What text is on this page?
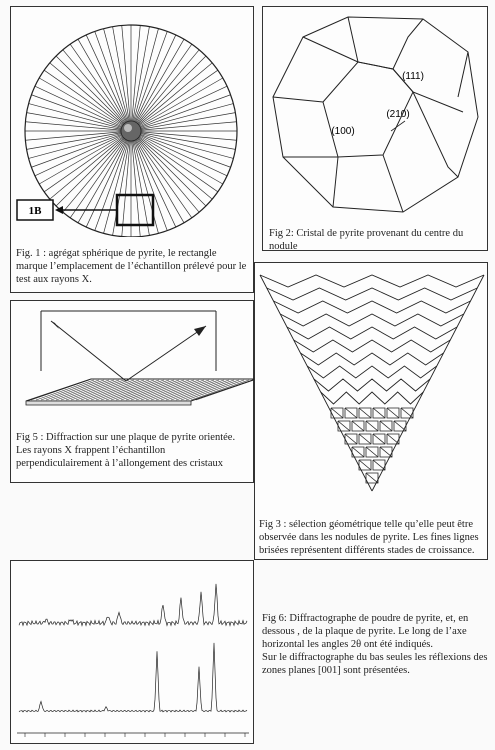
1B
Fig. 1 : agrégat sphérique de pyrite, le rectangle marque l’emplacement de l’échantillon prélevé pour le test aux rayons X.
(111)
(100)
(210)
Fig 2: Cristal de pyrite provenant du centre du nodule
Fig 5 : Diffraction sur une plaque de pyrite orientée. Les rayons X frappent l’échantillon perpendiculairement à l’allongement des cristaux
Fig 3 : sélection géométrique telle qu’elle peut être observée dans les nodules de pyrite. Les fines lignes brisées représentent différents stades de croissance.
Fig 6: Diffractographe de poudre de pyrite, et, en dessous , de la plaque de pyrite. Le long de l’axe horizontal les angles 2θ ont été indiqués.
Sur le diffractographe du bas seules les réflexions des zones planes [001] sont présentées.
